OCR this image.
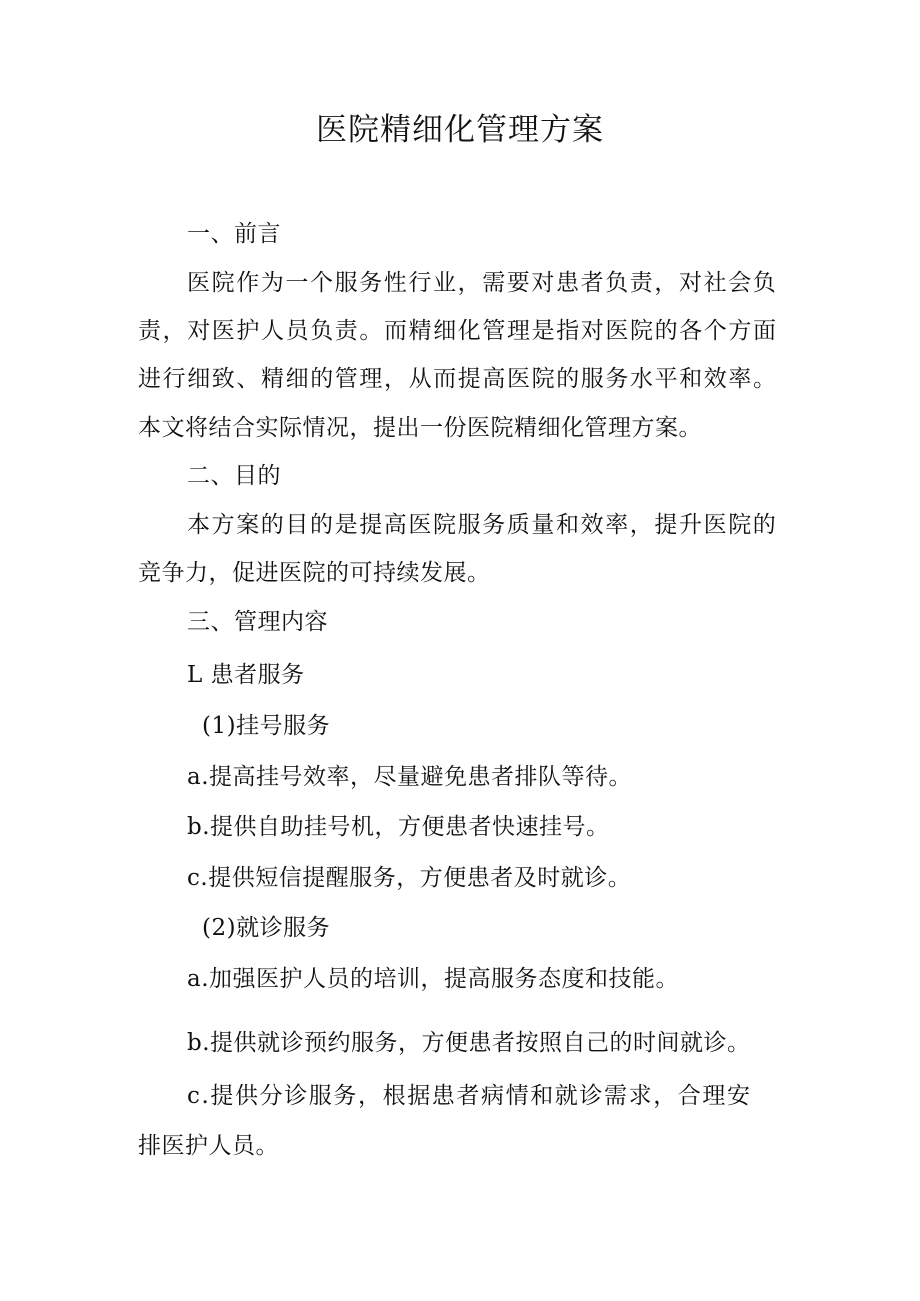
医院精细化管理方案
一、前言
医院作为一个服务性行业，需要对患者负责，对社会负
责，对医护人员负责。而精细化管理是指对医院的各个方面
进行细致、精细的管理，从而提高医院的服务水平和效率。
本文将结合实际情况，提出一份医院精细化管理方案。
二、目的
本方案的目的是提高医院服务质量和效率，提升医院的
竞争力，促进医院的可持续发展。
三、管理内容
L 患者服务
(1)挂号服务
a.提高挂号效率，尽量避免患者排队等待。
b.提供自助挂号机，方便患者快速挂号。
c.提供短信提醒服务，方便患者及时就诊。
(2)就诊服务
a.加强医护人员的培训，提高服务态度和技能。
b.提供就诊预约服务，方便患者按照自己的时间就诊。
c.提供分诊服务，根据患者病情和就诊需求，合理安
排医护人员。
